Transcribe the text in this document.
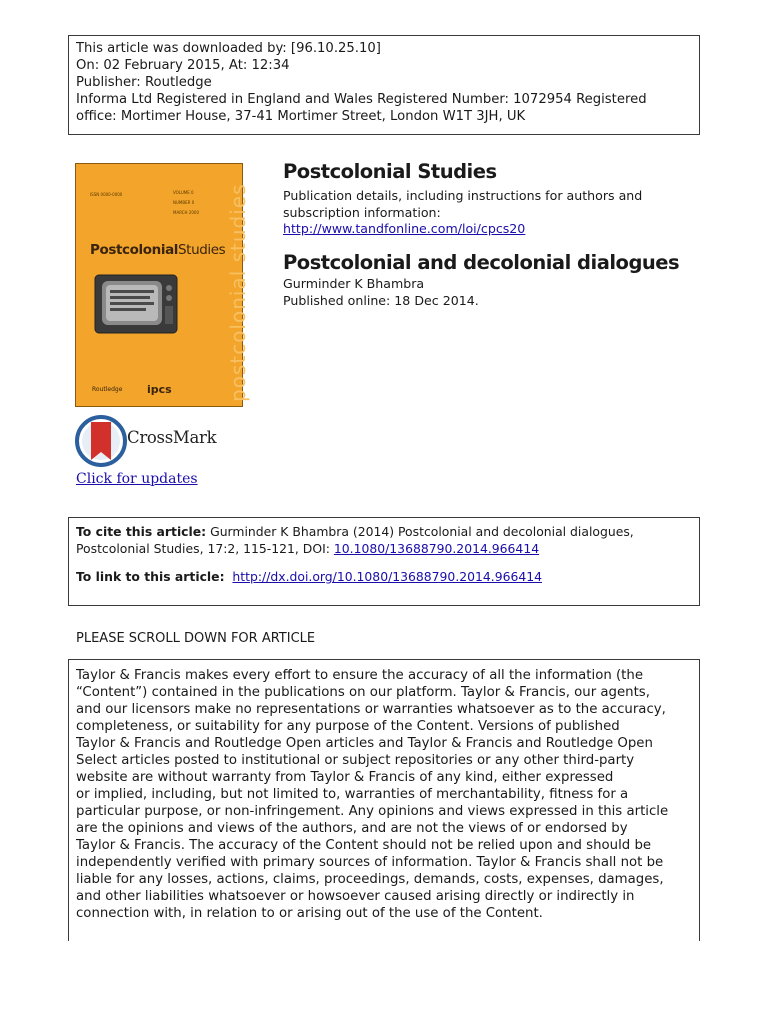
This article was downloaded by: [96.10.25.10]
On: 02 February 2015, At: 12:34
Publisher: Routledge
Informa Ltd Registered in England and Wales Registered Number: 1072954 Registered
office: Mortimer House, 37-41 Mortimer Street, London W1T 3JH, UK
ISSN 0000-0000	VOLUME 0
NUMBER 0
MARCH 2000
PostcolonialStudies postcolonial studies
Routledge ipcs
CrossMark
Click for updates
Postcolonial Studies
Publication details, including instructions for authors and
subscription information:
http://www.tandfonline.com/loi/cpcs20
Postcolonial and decolonial dialogues
Gurminder K Bhambra
Published online: 18 Dec 2014.
To cite this article: Gurminder K Bhambra (2014) Postcolonial and decolonial dialogues,
Postcolonial Studies, 17:2, 115-121, DOI: 10.1080/13688790.2014.966414
To link to this article: http://dx.doi.org/10.1080/13688790.2014.966414
PLEASE SCROLL DOWN FOR ARTICLE
Taylor & Francis makes every effort to ensure the accuracy of all the information (the
“Content”) contained in the publications on our platform. Taylor & Francis, our agents,
and our licensors make no representations or warranties whatsoever as to the accuracy,
completeness, or suitability for any purpose of the Content. Versions of published
Taylor & Francis and Routledge Open articles and Taylor & Francis and Routledge Open
Select articles posted to institutional or subject repositories or any other third-party
website are without warranty from Taylor & Francis of any kind, either expressed
or implied, including, but not limited to, warranties of merchantability, fitness for a
particular purpose, or non-infringement. Any opinions and views expressed in this article
are the opinions and views of the authors, and are not the views of or endorsed by
Taylor & Francis. The accuracy of the Content should not be relied upon and should be
independently verified with primary sources of information. Taylor & Francis shall not be
liable for any losses, actions, claims, proceedings, demands, costs, expenses, damages,
and other liabilities whatsoever or howsoever caused arising directly or indirectly in
connection with, in relation to or arising out of the use of the Content.
